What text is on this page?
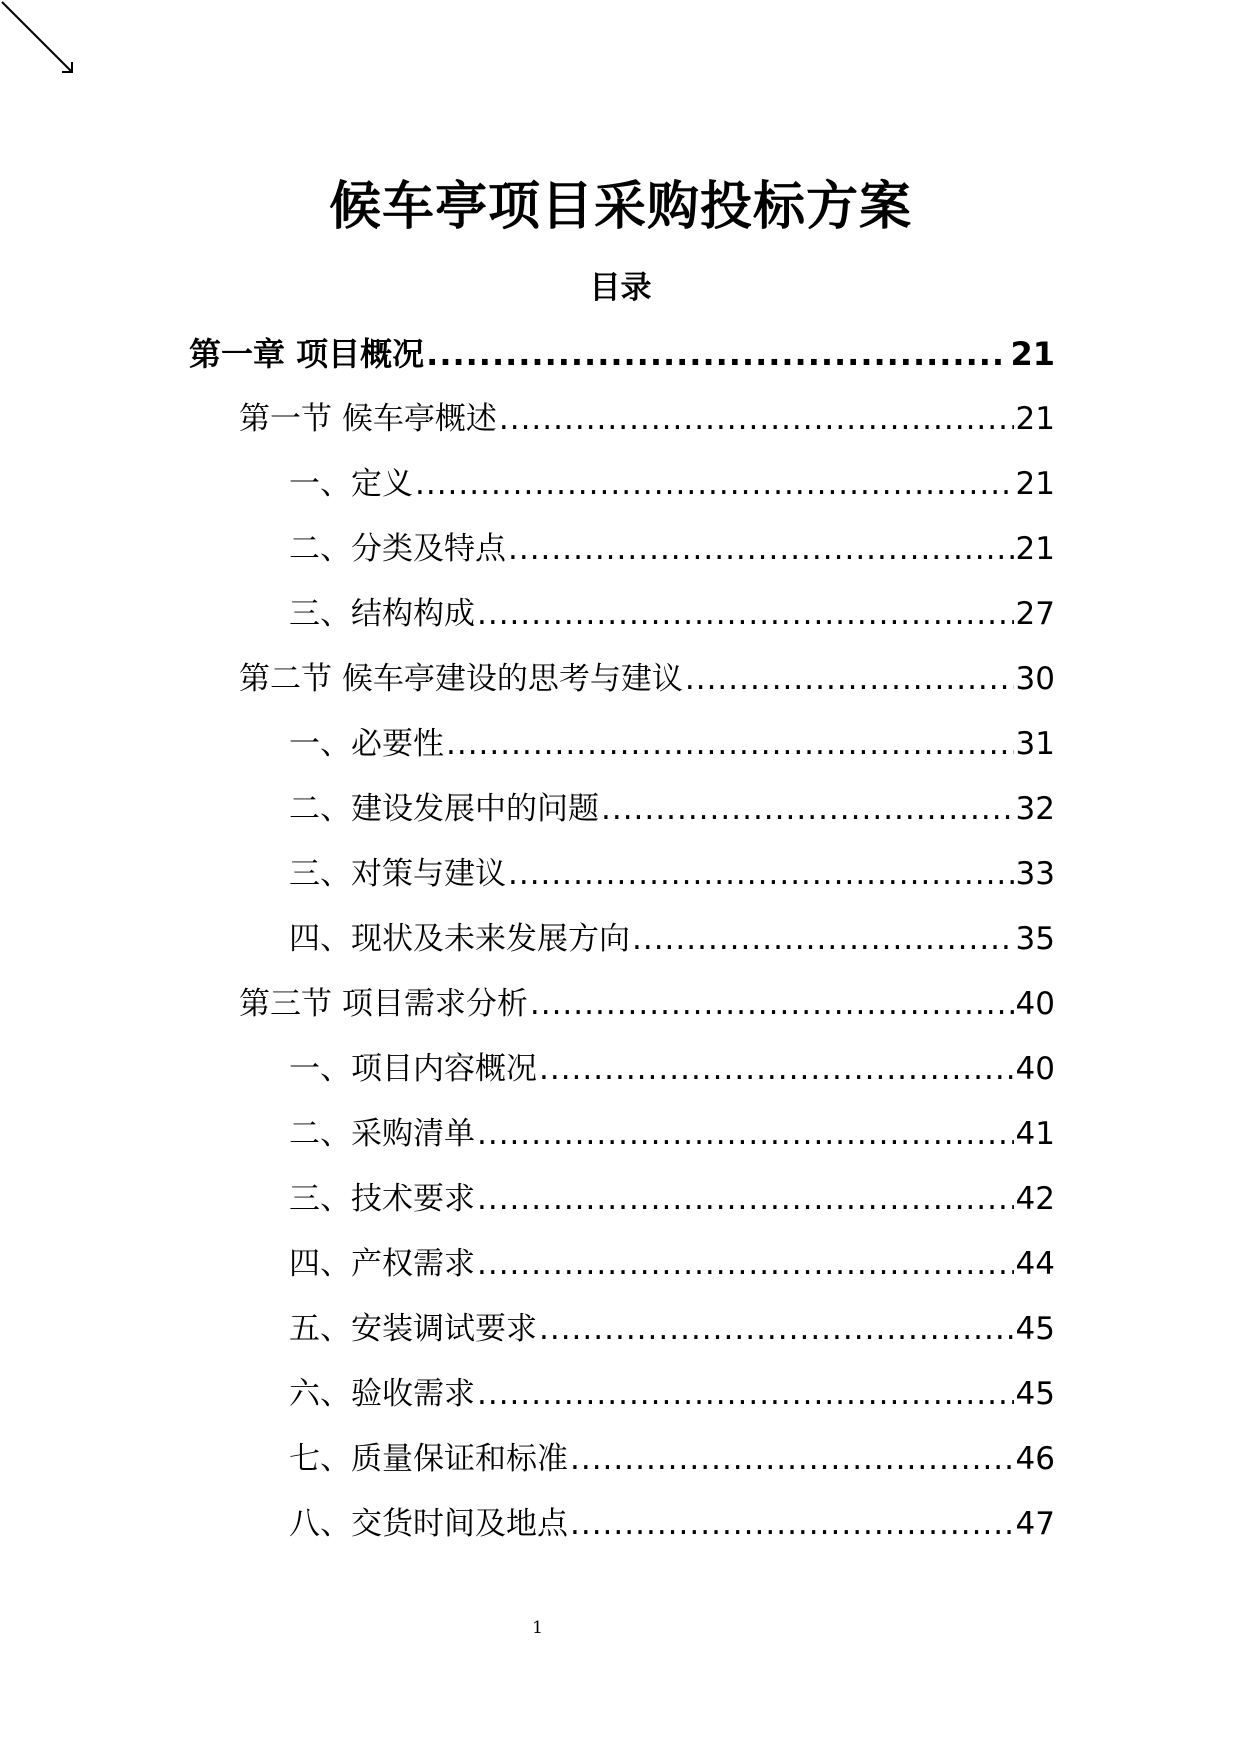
候车亭项目采购投标方案
目录
第一章 项目概况 .....	21
第一节 候车亭概述 .....	21
一、定义 .....	21
二、分类及特点 .....	21
三、结构构成 .....	27
第二节 候车亭建设的思考与建议 .....	30
一、必要性 .....	31
二、建设发展中的问题 .....	32
三、对策与建议 .....	33
四、现状及未来发展方向 .....	35
第三节 项目需求分析 .....	40
一、项目内容概况 .....	40
二、采购清单 .....	41
三、技术要求 .....	42
四、产权需求 .....	44
五、安装调试要求 .....	45
六、验收需求 .....	45
七、质量保证和标准 .....	46
八、交货时间及地点 .....	47
1
